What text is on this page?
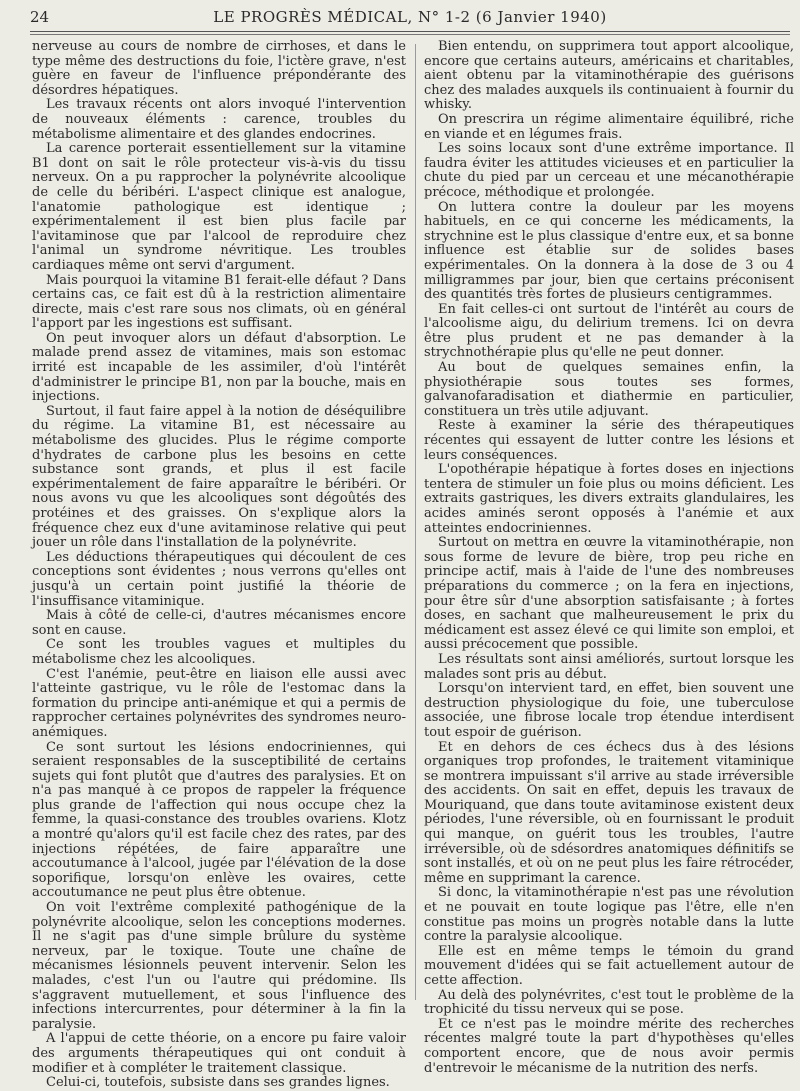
24	LE PROGRÈS MÉDICAL, N° 1-2 (6 Janvier 1940)

nerveuse au cours de nombre de cirrhoses, et dans le type même des destructions du foie, l'ictère grave, n'est guère en faveur de l'influence prépondérante des désordres hépatiques.

Les travaux récents ont alors invoqué l'intervention de nouveaux éléments : carence, troubles du métabolisme alimentaire et des glandes endocrines.

La carence porterait essentiellement sur la vitamine B1 dont on sait le rôle protecteur vis-à-vis du tissu nerveux. On a pu rapprocher la polynévrite alcoolique de celle du béribéri. L'aspect clinique est analogue, l'anatomie pathologique est identique ; expérimentalement il est bien plus facile par l'avitaminose que par l'alcool de reproduire chez l'animal un syndrome névritique. Les troubles cardiaques même ont servi d'argument.

Mais pourquoi la vitamine B1 ferait-elle défaut ? Dans certains cas, ce fait est dû à la restriction alimentaire directe, mais c'est rare sous nos climats, où en général l'apport par les ingestions est suffisant.

On peut invoquer alors un défaut d'absorption. Le malade prend assez de vitamines, mais son estomac irrité est incapable de les assimiler, d'où l'intérêt d'administrer le principe B1, non par la bouche, mais en injections.

Surtout, il faut faire appel à la notion de déséquilibre du régime. La vitamine B1, est nécessaire au métabolisme des glucides. Plus le régime comporte d'hydrates de carbone plus les besoins en cette substance sont grands, et plus il est facile expérimentalement de faire apparaître le béribéri. Or nous avons vu que les alcooliques sont dégoûtés des protéines et des graisses. On s'explique alors la fréquence chez eux d'une avitaminose relative qui peut jouer un rôle dans l'installation de la polynévrite.

Les déductions thérapeutiques qui découlent de ces conceptions sont évidentes ; nous verrons qu'elles ont jusqu'à un certain point justifié la théorie de l'insuffisance vitaminique.

Mais à côté de celle-ci, d'autres mécanismes encore sont en cause.

Ce sont les troubles vagues et multiples du métabolisme chez les alcooliques.

C'est l'anémie, peut-être en liaison elle aussi avec l'atteinte gastrique, vu le rôle de l'estomac dans la formation du principe anti-anémique et qui a permis de rapprocher certaines polynévrites des syndromes neuro-anémiques.

Ce sont surtout les lésions endocriniennes, qui seraient responsables de la susceptibilité de certains sujets qui font plutôt que d'autres des paralysies. Et on n'a pas manqué à ce propos de rappeler la fréquence plus grande de l'affection qui nous occupe chez la femme, la quasi-constance des troubles ovariens. Klotz a montré qu'alors qu'il est facile chez des rates, par des injections répétées, de faire apparaître une accoutumance à l'alcool, jugée par l'élévation de la dose soporifique, lorsqu'on enlève les ovaires, cette accoutumance ne peut plus être obtenue.

On voit l'extrême complexité pathogénique de la polynévrite alcoolique, selon les conceptions modernes. Il ne s'agit pas d'une simple brûlure du système nerveux, par le toxique. Toute une chaîne de mécanismes lésionnels peuvent intervenir. Selon les malades, c'est l'un ou l'autre qui prédomine. Ils s'aggravent mutuellement, et sous l'influence des infections intercurrentes, pour déterminer à la fin la paralysie.

A l'appui de cette théorie, on a encore pu faire valoir des arguments thérapeutiques qui ont conduit à modifier et à compléter le traitement classique.

Celui-ci, toutefois, subsiste dans ses grandes lignes.

Bien entendu, on supprimera tout apport alcoolique, encore que certains auteurs, américains et charitables, aient obtenu par la vitaminothérapie des guérisons chez des malades auxquels ils continuaient à fournir du whisky.

On prescrira un régime alimentaire équilibré, riche en viande et en légumes frais.

Les soins locaux sont d'une extrême importance. Il faudra éviter les attitudes vicieuses et en particulier la chute du pied par un cerceau et une mécanothérapie précoce, méthodique et prolongée.

On luttera contre la douleur par les moyens habituels, en ce qui concerne les médicaments, la strychnine est le plus classique d'entre eux, et sa bonne influence est établie sur de solides bases expérimentales. On la donnera à la dose de 3 ou 4 milligrammes par jour, bien que certains préconisent des quantités très fortes de plusieurs centigrammes.

En fait celles-ci ont surtout de l'intérêt au cours de l'alcoolisme aigu, du delirium tremens. Ici on devra être plus prudent et ne pas demander à la strychnothérapie plus qu'elle ne peut donner.

Au bout de quelques semaines enfin, la physiothérapie sous toutes ses formes, galvanofaradisation et diathermie en particulier, constituera un très utile adjuvant.

Reste à examiner la série des thérapeutiques récentes qui essayent de lutter contre les lésions et leurs conséquences.

L'opothérapie hépatique à fortes doses en injections tentera de stimuler un foie plus ou moins déficient. Les extraits gastriques, les divers extraits glandulaires, les acides aminés seront opposés à l'anémie et aux atteintes endocriniennes.

Surtout on mettra en œuvre la vitaminothérapie, non sous forme de levure de bière, trop peu riche en principe actif, mais à l'aide de l'une des nombreuses préparations du commerce ; on la fera en injections, pour être sûr d'une absorption satisfaisante ; à fortes doses, en sachant que malheureusement le prix du médicament est assez élevé ce qui limite son emploi, et aussi précocement que possible.

Les résultats sont ainsi améliorés, surtout lorsque les malades sont pris au début.

Lorsqu'on intervient tard, en effet, bien souvent une destruction physiologique du foie, une tuberculose associée, une fibrose locale trop étendue interdisent tout espoir de guérison.

Et en dehors de ces échecs dus à des lésions organiques trop profondes, le traitement vitaminique se montrera impuissant s'il arrive au stade irréversible des accidents. On sait en effet, depuis les travaux de Mouriquand, que dans toute avitaminose existent deux périodes, l'une réversible, où en fournissant le produit qui manque, on guérit tous les troubles, l'autre irréversible, où de sdésordres anatomiques définitifs se sont installés, et où on ne peut plus les faire rétrocéder, même en supprimant la carence.

Si donc, la vitaminothérapie n'est pas une révolution et ne pouvait en toute logique pas l'être, elle n'en constitue pas moins un progrès notable dans la lutte contre la paralysie alcoolique.

Elle est en même temps le témoin du grand mouvement d'idées qui se fait actuellement autour de cette affection.

Au delà des polynévrites, c'est tout le problème de la trophicité du tissu nerveux qui se pose.

Et ce n'est pas le moindre mérite des recherches récentes malgré toute la part d'hypothèses qu'elles comportent encore, que de nous avoir permis d'entrevoir le mécanisme de la nutrition des nerfs.
